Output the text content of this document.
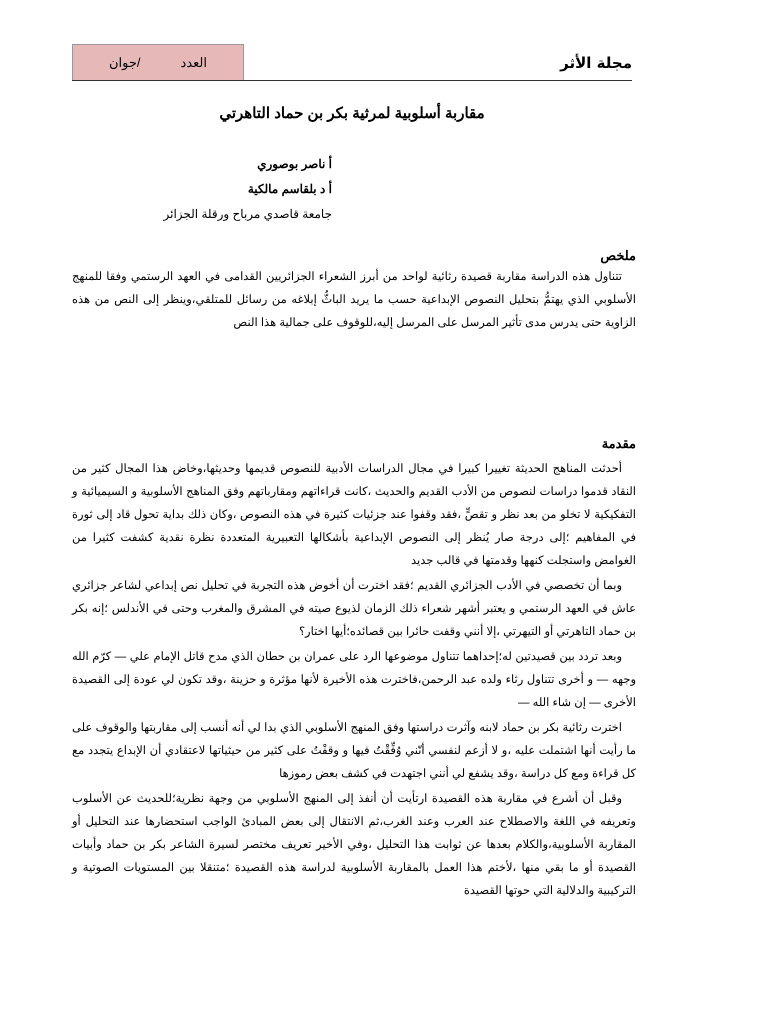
العدد
/جوان	مجلة الأثر
مقاربة أسلوبية لمرثية بكر بن حماد التاهرتي
أ ناصر بوصوري
أ د بلقاسم مالكية
جامعة قاصدي مرباح ورقلة الجزائر
ملخص

تتناول هذه الدراسة مقاربة قصيدة رثائية لواحد من أبرز الشعراء الجزائريين القدامى في العهد الرستمي وفقا للمنهج الأسلوبي الذي يهتمُّ بتحليل النصوص الإبداعية حسب ما يريد الباثُّ إبلاغه من رسائل للمتلقي،وينظر إلى النص من هذه الزاوية حتى يدرس مدى تأثير المرسل على المرسل إليه،للوقوف على جمالية هذا النص

مقدمة

أحدثت المناهج الحديثة تغييرا كبيرا في مجال الدراسات الأدبية للنصوص قديمها وحديثها،وخاض هذا المجال كثير من النقاد قدموا دراسات لنصوص من الأدب القديم والحديث ،كانت قراءاتهم ومقارباتهم وفق المناهج الأسلوبية و السيميائية و التفكيكية لا تخلو من بعد نظر و تقصٍّ ،فقد وقفوا عند جزئيات كثيرة في هذه النصوص ،وكان ذلك بداية تحول قاد إلى ثورة في المفاهيم ؛إلى درجة صار يُنظر إلى النصوص الإبداعية بأشكالها التعبيرية المتعددة نظرة نقدية كشفت كثيرا من الغوامض واستجلت كنهها وقدمتها في قالب جديد

وبما أن تخصصي في الأدب الجزائري القديم ؛فقد اخترت أن أخوض هذه التجربة في تحليل نص إبداعي لشاعر جزائري عاش في العهد الرستمي و يعتبر أشهر شعراء ذلك الزمان لذيوع صيته في المشرق والمغرب وحتى في الأندلس ؛إنه بكر بن حماد التاهرتي أو التيهرتي ،إلا أنني وقفت حائرا بين قصائده؛أيها اختار؟

وبعد تردد بين قصيدتين له؛إحداهما تتناول موضوعها الرد على عمران بن حطان الذي مدح قاتل الإمام علي — كرّم الله وجهه — و أخرى تتناول رثاء ولده عبد الرحمن،فاخترت هذه الأخيرة لأنها مؤثرة و حزينة ،وقد تكون لي عودة إلى القصيدة الأخرى — إن شاء الله —

اخترت رثائية بكر بن حماد لابنه وآثرت دراستها وفق المنهج الأسلوبي الذي بدا لي أنه أنسب إلى مقاربتها والوقوف على ما رأيت أنها اشتملت عليه ،و لا أزعم لنفسي أنّني وُفِّقْتُ فيها و وقفْتُ على كثير من حيثياتها لاعتقادي أن الإبداع يتجدد مع كل قراءة ومع كل دراسة ،وقد يشفع لي أنني اجتهدت في كشف بعض رموزها

وقبل أن أشرع في مقاربة هذه القصيدة ارتأيت أن أنفذ إلى المنهج الأسلوبي من وجهة نظرية؛للحديث عن الأسلوب وتعريفه في اللغة والاصطلاح عند العرب وعند الغرب،ثم الانتقال إلى بعض المبادئ الواجب استحضارها عند التحليل أو المقاربة الأسلوبية،والكلام بعدها عن ثوابت هذا التحليل ،وفي الأخير تعريف مختصر لسيرة الشاعر بكر بن حماد وأبيات القصيدة أو ما بقي منها ،لأختم هذا العمل بالمقاربة الأسلوبية لدراسة هذه القصيدة ؛متنقلا بين المستويات الصوتية و التركيبية والدلالية التي حوتها القصيدة
